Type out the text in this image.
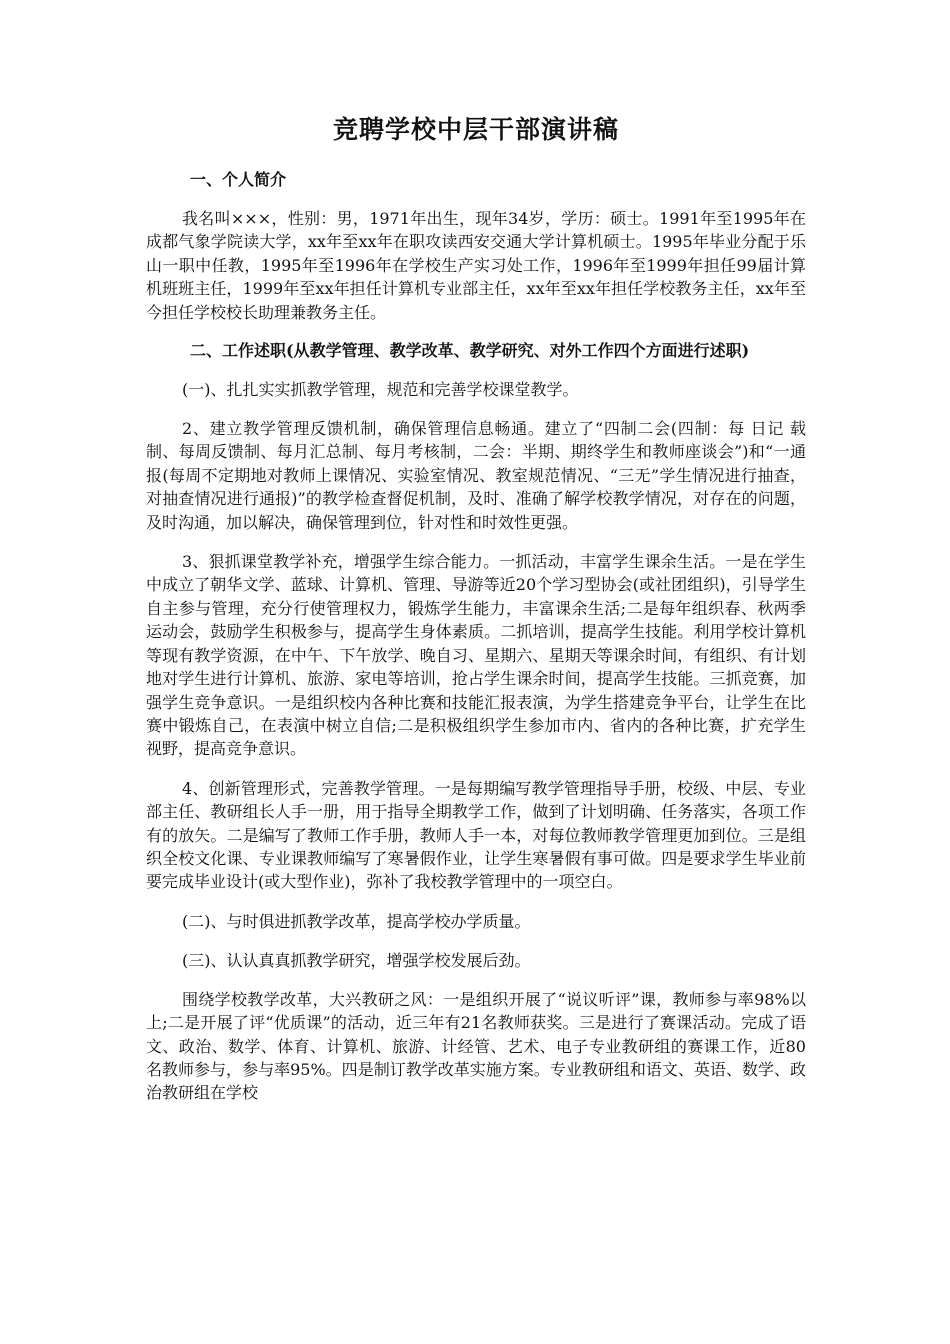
竞聘学校中层干部演讲稿
一、个人简介
我名叫×××，性别：男，1971年出生，现年34岁，学历：硕士。1991年至1995年在成都气象学院读大学，xx年至xx年在职攻读西安交通大学计算机硕士。1995年毕业分配于乐山一职中任教，1995年至1996年在学校生产实习处工作，1996年至1999年担任99届计算机班班主任，1999年至xx年担任计算机专业部主任，xx年至xx年担任学校教务主任，xx年至今担任学校校长助理兼教务主任。
二、工作述职(从教学管理、教学改革、教学研究、对外工作四个方面进行述职)
(一)、扎扎实实抓教学管理，规范和完善学校课堂教学。
2、建立教学管理反馈机制，确保管理信息畅通。建立了“四制二会(四制：每 日记 载制、每周反馈制、每月汇总制、每月考核制，二会：半期、期终学生和教师座谈会”)和“一通报(每周不定期地对教师上课情况、实验室情况、教室规范情况、“三无”学生情况进行抽查，对抽查情况进行通报)”的教学检查督促机制，及时、准确了解学校教学情况，对存在的问题，及时沟通，加以解决，确保管理到位，针对性和时效性更强。
3、狠抓课堂教学补充，增强学生综合能力。一抓活动，丰富学生课余生活。一是在学生中成立了朝华文学、蓝球、计算机、管理、导游等近20个学习型协会(或社团组织)，引导学生自主参与管理，充分行使管理权力，锻炼学生能力，丰富课余生活;二是每年组织春、秋两季运动会，鼓励学生积极参与，提高学生身体素质。二抓培训，提高学生技能。利用学校计算机等现有教学资源，在中午、下午放学、晚自习、星期六、星期天等课余时间，有组织、有计划地对学生进行计算机、旅游、家电等培训，抢占学生课余时间，提高学生技能。三抓竞赛，加强学生竞争意识。一是组织校内各种比赛和技能汇报表演，为学生搭建竞争平台，让学生在比赛中锻炼自己，在表演中树立自信;二是积极组织学生参加市内、省内的各种比赛，扩充学生视野，提高竞争意识。
4、创新管理形式，完善教学管理。一是每期编写教学管理指导手册，校级、中层、专业部主任、教研组长人手一册，用于指导全期教学工作，做到了计划明确、任务落实，各项工作有的放矢。二是编写了教师工作手册，教师人手一本，对每位教师教学管理更加到位。三是组织全校文化课、专业课教师编写了寒暑假作业，让学生寒暑假有事可做。四是要求学生毕业前要完成毕业设计(或大型作业)，弥补了我校教学管理中的一项空白。
(二)、与时俱进抓教学改革，提高学校办学质量。
(三)、认认真真抓教学研究，增强学校发展后劲。
围绕学校教学改革，大兴教研之风：一是组织开展了“说议听评”课，教师参与率98%以上;二是开展了评“优质课”的活动，近三年有21名教师获奖。三是进行了赛课活动。完成了语文、政治、数学、体育、计算机、旅游、计经管、艺术、电子专业教研组的赛课工作，近80名教师参与，参与率95%。四是制订教学改革实施方案。专业教研组和语文、英语、数学、政治教研组在学校
